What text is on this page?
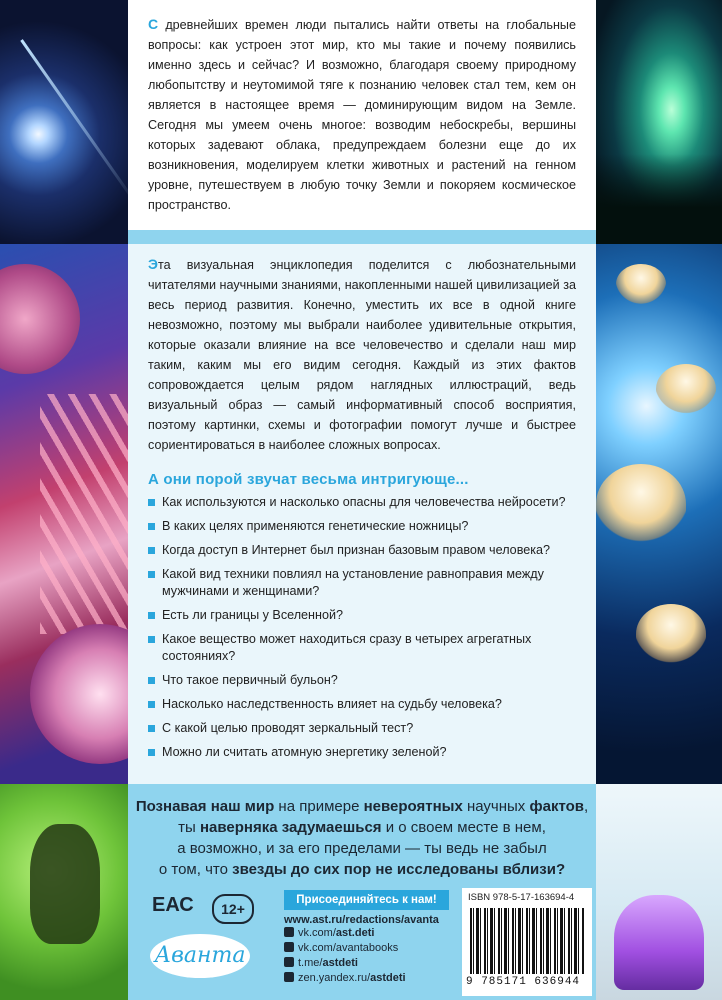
С древнейших времен люди пытались найти ответы на глобальные вопросы: как устроен этот мир, кто мы такие и почему появились именно здесь и сейчас? И возможно, благодаря своему природному любопытству и неутомимой тяге к познанию человек стал тем, кем он является в настоящее время — доминирующим видом на Земле. Сегодня мы умеем очень многое: возводим небоскребы, вершины которых задевают облака, предупреждаем болезни еще до их возникновения, моделируем клетки животных и растений на генном уровне, путешествуем в любую точку Земли и покоряем космическое пространство.

Эта визуальная энциклопедия поделится с любознательными читателями научными знаниями, накопленными нашей цивилизацией за весь период развития. Конечно, уместить их все в одной книге невозможно, поэтому мы выбрали наиболее удивительные открытия, которые оказали влияние на все человечество и сделали наш мир таким, каким мы его видим сегодня. Каждый из этих фактов сопровождается целым рядом наглядных иллюстраций, ведь визуальный образ — самый информативный способ восприятия, поэтому картинки, схемы и фотографии помогут лучше и быстрее сориентироваться в наиболее сложных вопросах.

А они порой звучат весьма интригующе...
Как используются и насколько опасны для человечества нейросети?
В каких целях применяются генетические ножницы?
Когда доступ в Интернет был признан базовым правом человека?
Какой вид техники повлиял на установление равноправия между мужчинами и женщинами?
Есть ли границы у Вселенной?
Какое вещество может находиться сразу в четырех агрегатных состояниях?
Что такое первичный бульон?
Насколько наследственность влияет на судьбу человека?
С какой целью проводят зеркальный тест?
Можно ли считать атомную энергетику зеленой?
Познавая наш мир на примере невероятных научных фактов,
ты наверняка задумаешься и о своем месте в нем,
а возможно, и за его пределами — ты ведь не забыл
о том, что звезды до сих пор не исследованы вблизи?
ЕАС	12+
Аванта
Присоединяйтесь к нам!
www.ast.ru/redactions/avanta
vk.com/ast.deti
vk.com/avantabooks
t.me/astdeti
zen.yandex.ru/astdeti
ISBN 978-5-17-163694-4
9 785171 636944
